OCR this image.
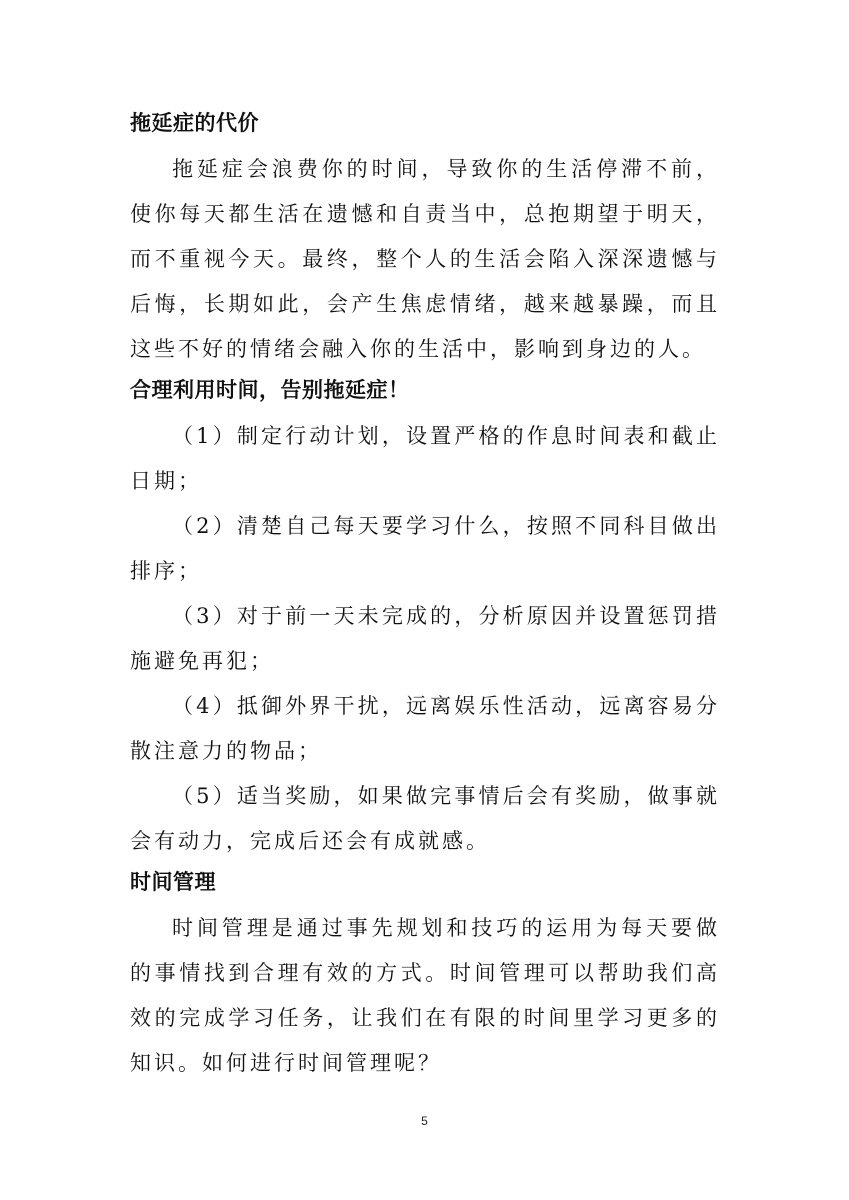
拖延症的代价

拖延症会浪费你的时间，导致你的生活停滞不前，使你每天都生活在遗憾和自责当中，总抱期望于明天，而不重视今天。最终，整个人的生活会陷入深深遗憾与后悔，长期如此，会产生焦虑情绪，越来越暴躁，而且这些不好的情绪会融入你的生活中，影响到身边的人。

合理利用时间，告别拖延症！

（1）制定行动计划，设置严格的作息时间表和截止日期；

（2）清楚自己每天要学习什么，按照不同科目做出排序；

（3）对于前一天未完成的，分析原因并设置惩罚措施避免再犯；

（4）抵御外界干扰，远离娱乐性活动，远离容易分散注意力的物品；

（5）适当奖励，如果做完事情后会有奖励，做事就会有动力，完成后还会有成就感。

时间管理

时间管理是通过事先规划和技巧的运用为每天要做的事情找到合理有效的方式。时间管理可以帮助我们高效的完成学习任务，让我们在有限的时间里学习更多的知识。如何进行时间管理呢？

5
